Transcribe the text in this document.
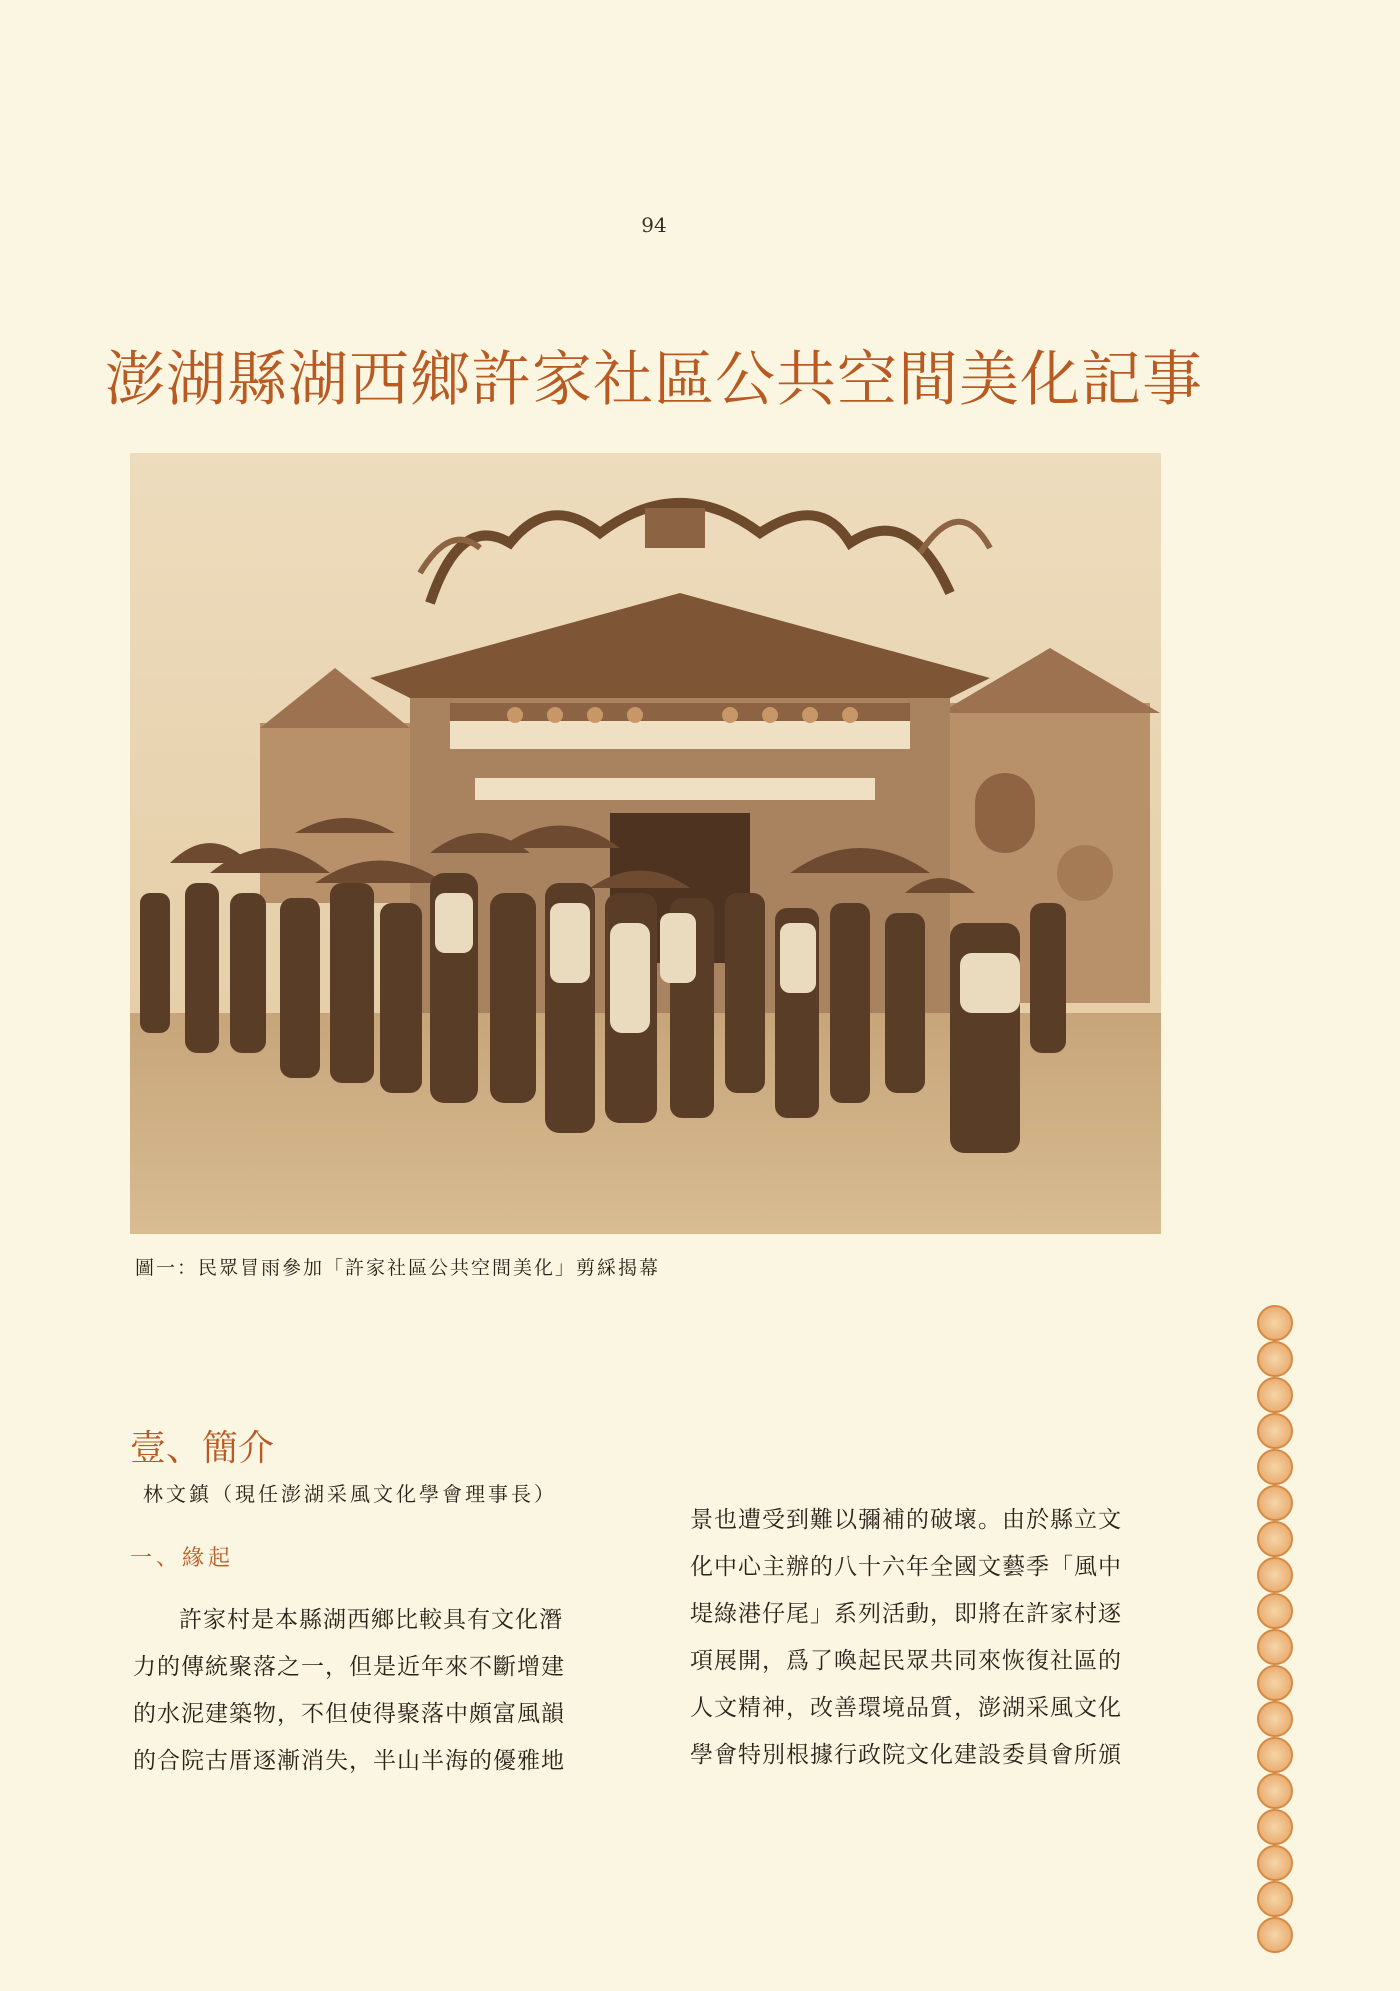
94
澎湖縣湖西鄉許家社區公共空間美化記事
圖一：民眾冒雨參加「許家社區公共空間美化」剪綵揭幕
壹、簡介
林文鎮（現任澎湖采風文化學會理事長）
一、緣起

許家村是本縣湖西鄉比較具有文化潛

力的傳統聚落之一，但是近年來不斷增建

的水泥建築物，不但使得聚落中頗富風韻

的合院古厝逐漸消失，半山半海的優雅地

景也遭受到難以彌補的破壞。由於縣立文

化中心主辦的八十六年全國文藝季「風中

堤綠港仔尾」系列活動，即將在許家村逐

項展開，爲了喚起民眾共同來恢復社區的

人文精神，改善環境品質，澎湖采風文化

學會特別根據行政院文化建設委員會所頒
